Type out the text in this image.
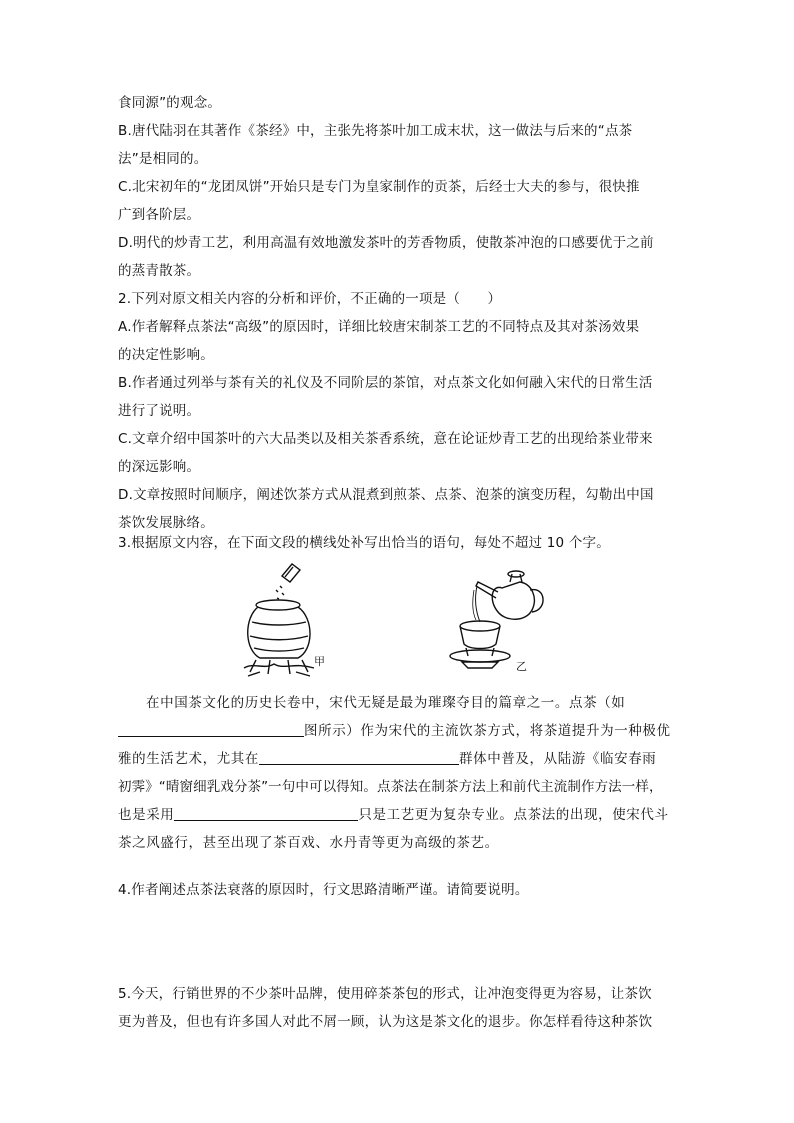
食同源”的观念。
B.唐代陆羽在其著作《茶经》中，主张先将茶叶加工成末状，这一做法与后来的“点茶
法”是相同的。
C.北宋初年的“龙团凤饼”开始只是专门为皇家制作的贡茶，后经士大夫的参与，很快推
广到各阶层。
D.明代的炒青工艺，利用高温有效地激发茶叶的芳香物质，使散茶冲泡的口感要优于之前
的蒸青散茶。
2.下列对原文相关内容的分析和评价，不正确的一项是（　　）
A.作者解释点茶法“高级”的原因时，详细比较唐宋制茶工艺的不同特点及其对茶汤效果
的决定性影响。
B.作者通过列举与茶有关的礼仪及不同阶层的茶馆，对点茶文化如何融入宋代的日常生活
进行了说明。
C.文章介绍中国茶叶的六大品类以及相关茶香系统，意在论证炒青工艺的出现给茶业带来
的深远影响。
D.文章按照时间顺序，阐述饮茶方式从混煮到煎茶、点茶、泡茶的演变历程，勾勒出中国
茶饮发展脉络。
3.根据原文内容，在下面文段的横线处补写出恰当的语句，每处不超过 10 个字。
甲	乙
在中国茶文化的历史长卷中，宋代无疑是最为璀璨夺目的篇章之一。点茶（如
图所示）作为宋代的主流饮茶方式，将茶道提升为一种极优
雅的生活艺术，尤其在	群体中普及，从陆游《临安春雨
初霁》“晴窗细乳戏分茶”一句中可以得知。点茶法在制茶方法上和前代主流制作方法一样，
也是采用	只是工艺更为复杂专业。点茶法的出现，使宋代斗
茶之风盛行，甚至出现了茶百戏、水丹青等更为高级的茶艺。
4.作者阐述点茶法衰落的原因时，行文思路清晰严谨。请简要说明。
5.今天，行销世界的不少茶叶品牌，使用碎茶茶包的形式，让冲泡变得更为容易，让茶饮
更为普及，但也有许多国人对此不屑一顾，认为这是茶文化的退步。你怎样看待这种茶饮
